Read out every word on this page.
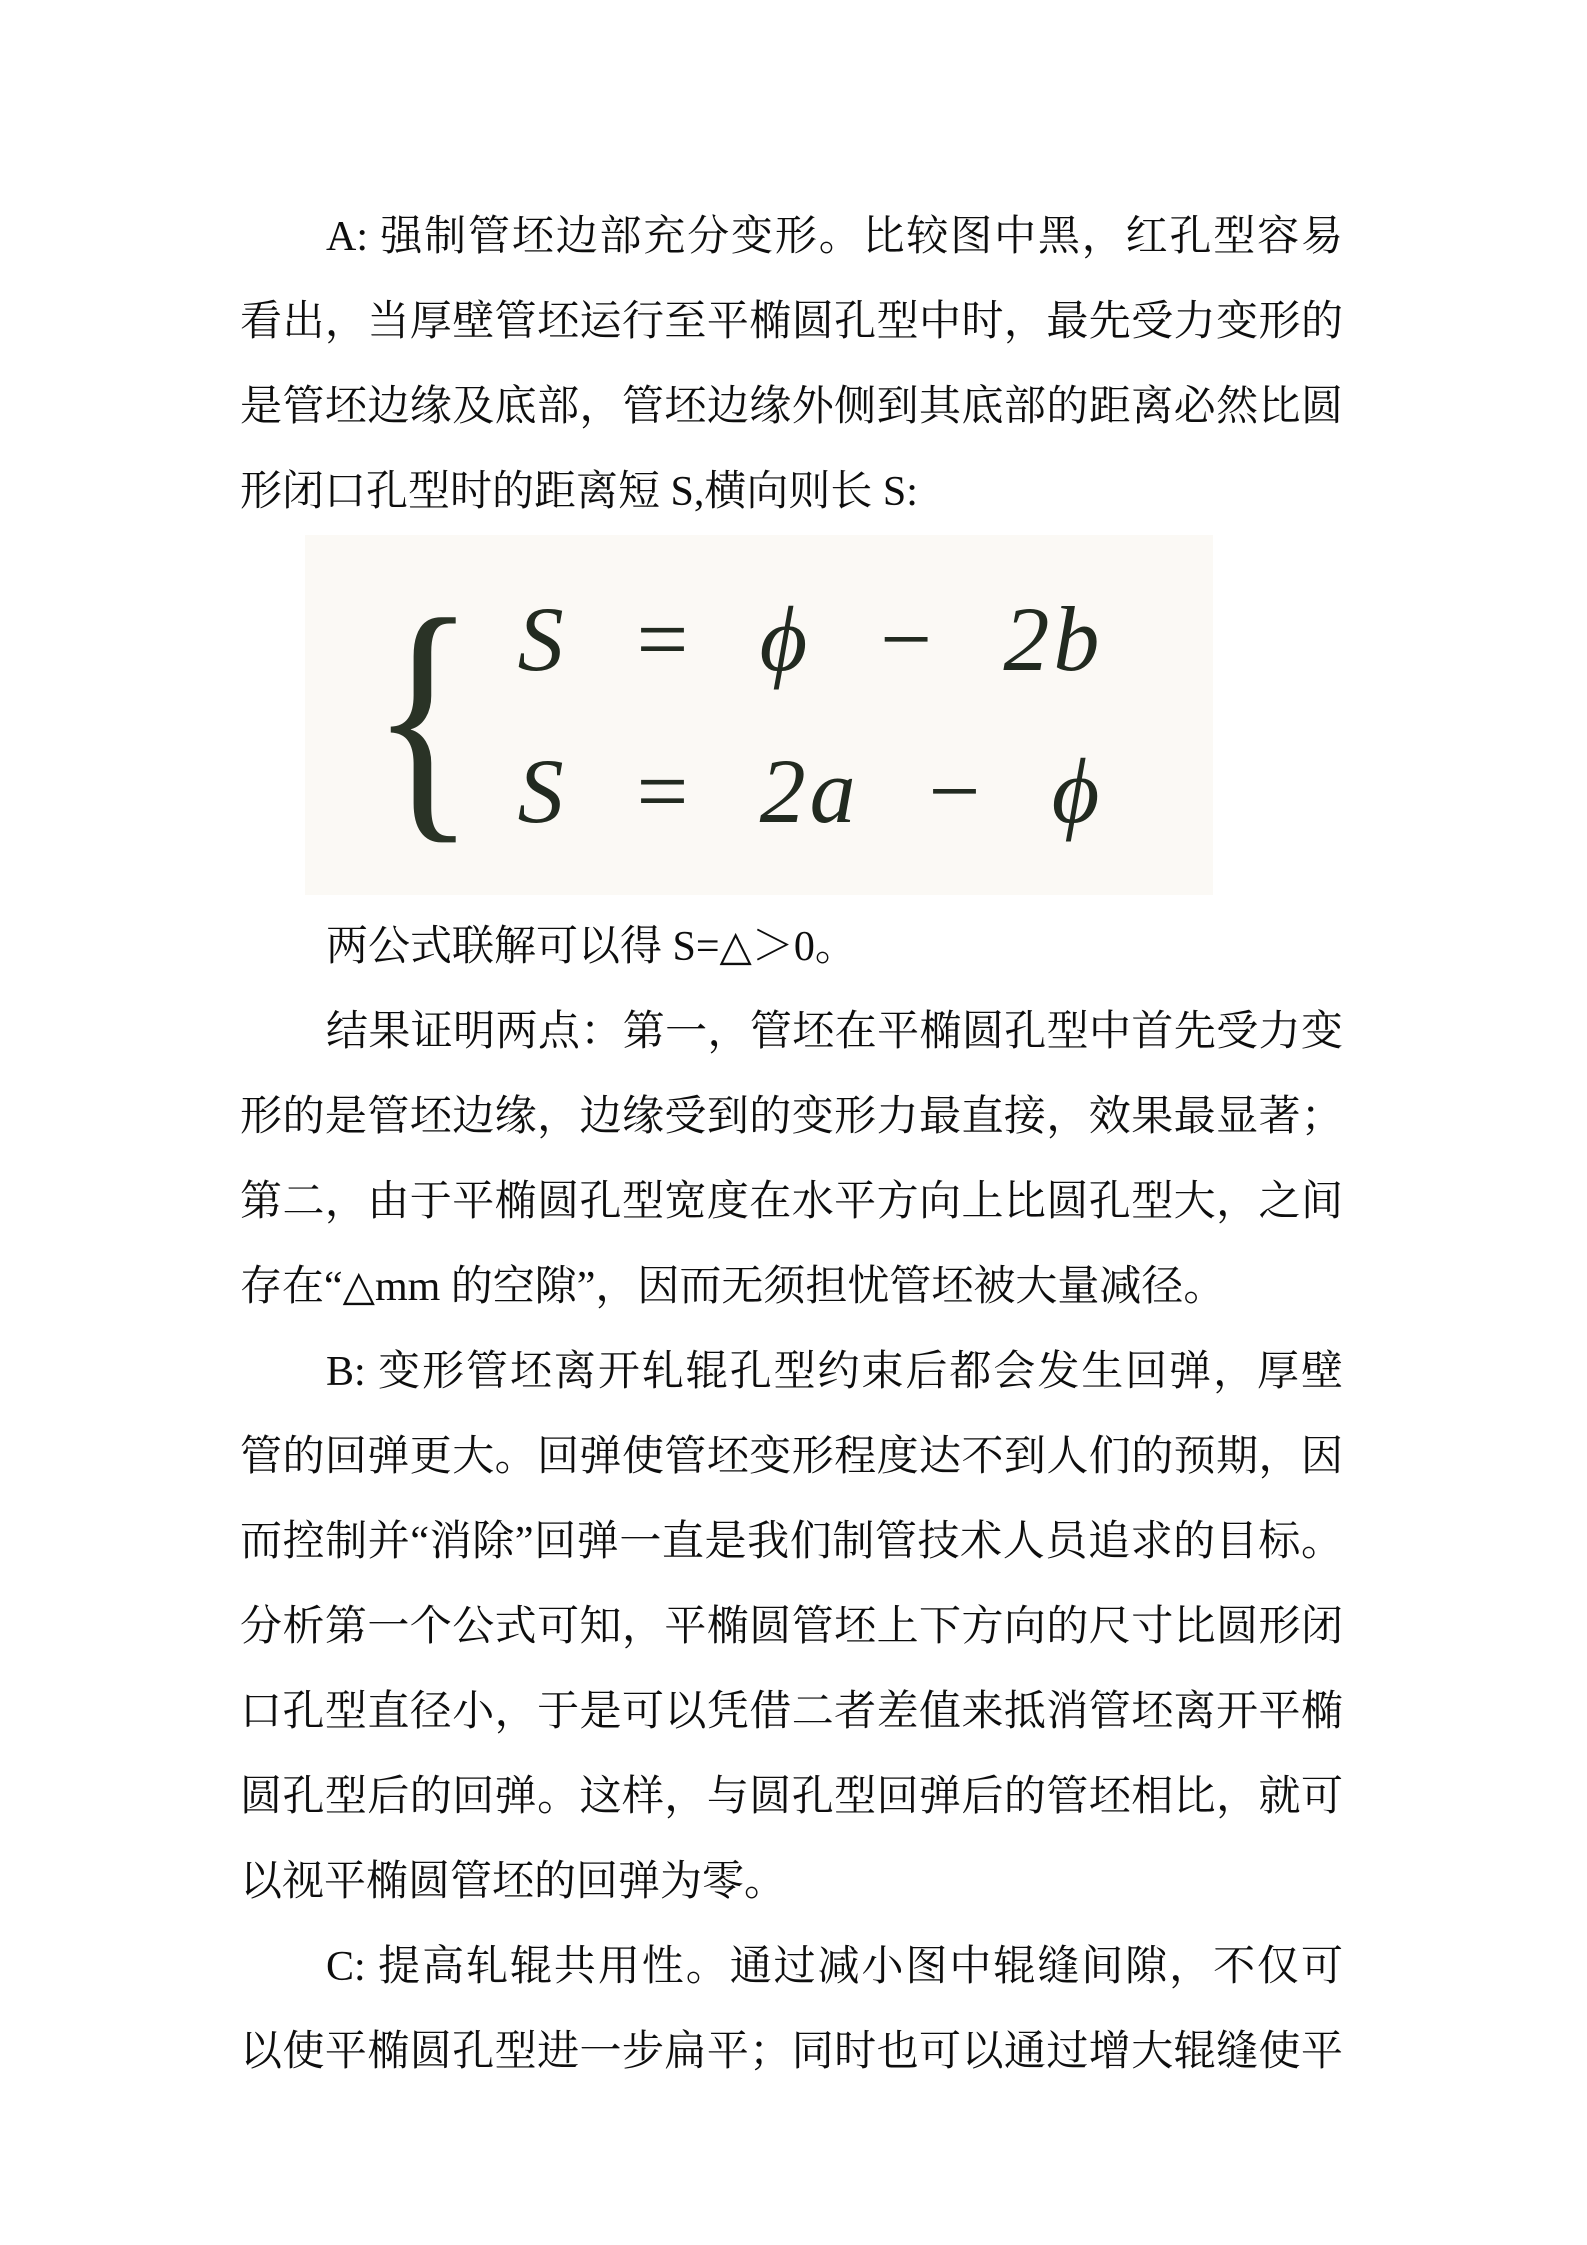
A: 强制管坯边部充分变形。比较图中黑，红孔型容易
看出，当厚壁管坯运行至平椭圆孔型中时，最先受力变形的
是管坯边缘及底部，管坯边缘外侧到其底部的距离必然比圆
形闭口孔型时的距离短 S,横向则长 S:
{ S = ϕ − 2b
S = 2a − ϕ
两公式联解可以得 S=△＞0。
结果证明两点：第一，管坯在平椭圆孔型中首先受力变
形的是管坯边缘，边缘受到的变形力最直接，效果最显著；
第二，由于平椭圆孔型宽度在水平方向上比圆孔型大，之间
存在“△mm 的空隙”，因而无须担忧管坯被大量减径。
B: 变形管坯离开轧辊孔型约束后都会发生回弹，厚壁
管的回弹更大。回弹使管坯变形程度达不到人们的预期，因
而控制并“消除”回弹一直是我们制管技术人员追求的目标。
分析第一个公式可知，平椭圆管坯上下方向的尺寸比圆形闭
口孔型直径小，于是可以凭借二者差值来抵消管坯离开平椭
圆孔型后的回弹。这样，与圆孔型回弹后的管坯相比，就可
以视平椭圆管坯的回弹为零。
C: 提高轧辊共用性。通过减小图中辊缝间隙，不仅可
以使平椭圆孔型进一步扁平；同时也可以通过增大辊缝使平
